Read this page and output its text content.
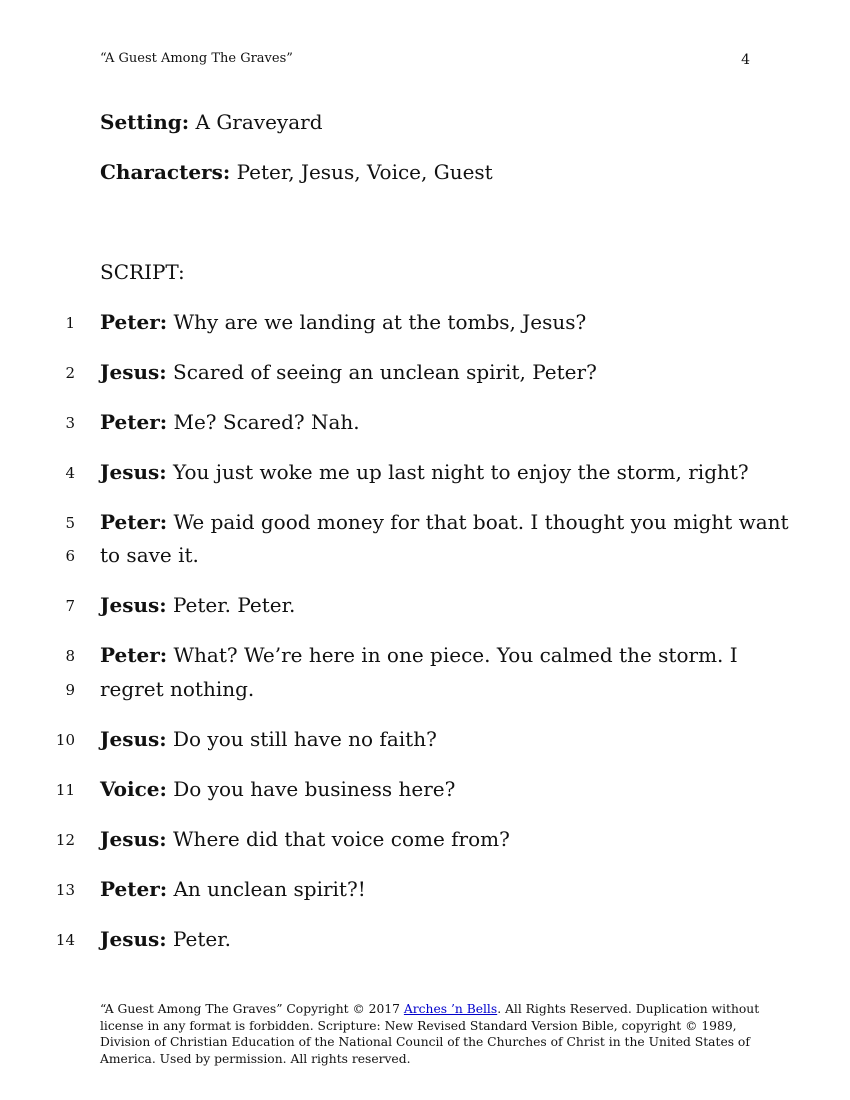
“A Guest Among The Graves”	4
Setting: A Graveyard
Characters: Peter, Jesus, Voice, Guest
SCRIPT:
1
2
3
4
5
6
7
8
9
10
11
12
13
14
Peter: Why are we landing at the tombs, Jesus?
Jesus: Scared of seeing an unclean spirit, Peter?
Peter: Me? Scared? Nah.
Jesus: You just woke me up last night to enjoy the storm, right?
Peter: We paid good money for that boat. I thought you might want
to save it.
Jesus: Peter. Peter.
Peter: What? We’re here in one piece. You calmed the storm. I
regret nothing.
Jesus: Do you still have no faith?
Voice: Do you have business here?
Jesus: Where did that voice come from?
Peter: An unclean spirit?!
Jesus: Peter.
“A Guest Among The Graves” Copyright © 2017 Arches ’n Bells. All Rights Reserved. Duplication without license in any format is forbidden. Scripture: New Revised Standard Version Bible, copyright © 1989, Division of Christian Education of the National Council of the Churches of Christ in the United States of America. Used by permission. All rights reserved.
